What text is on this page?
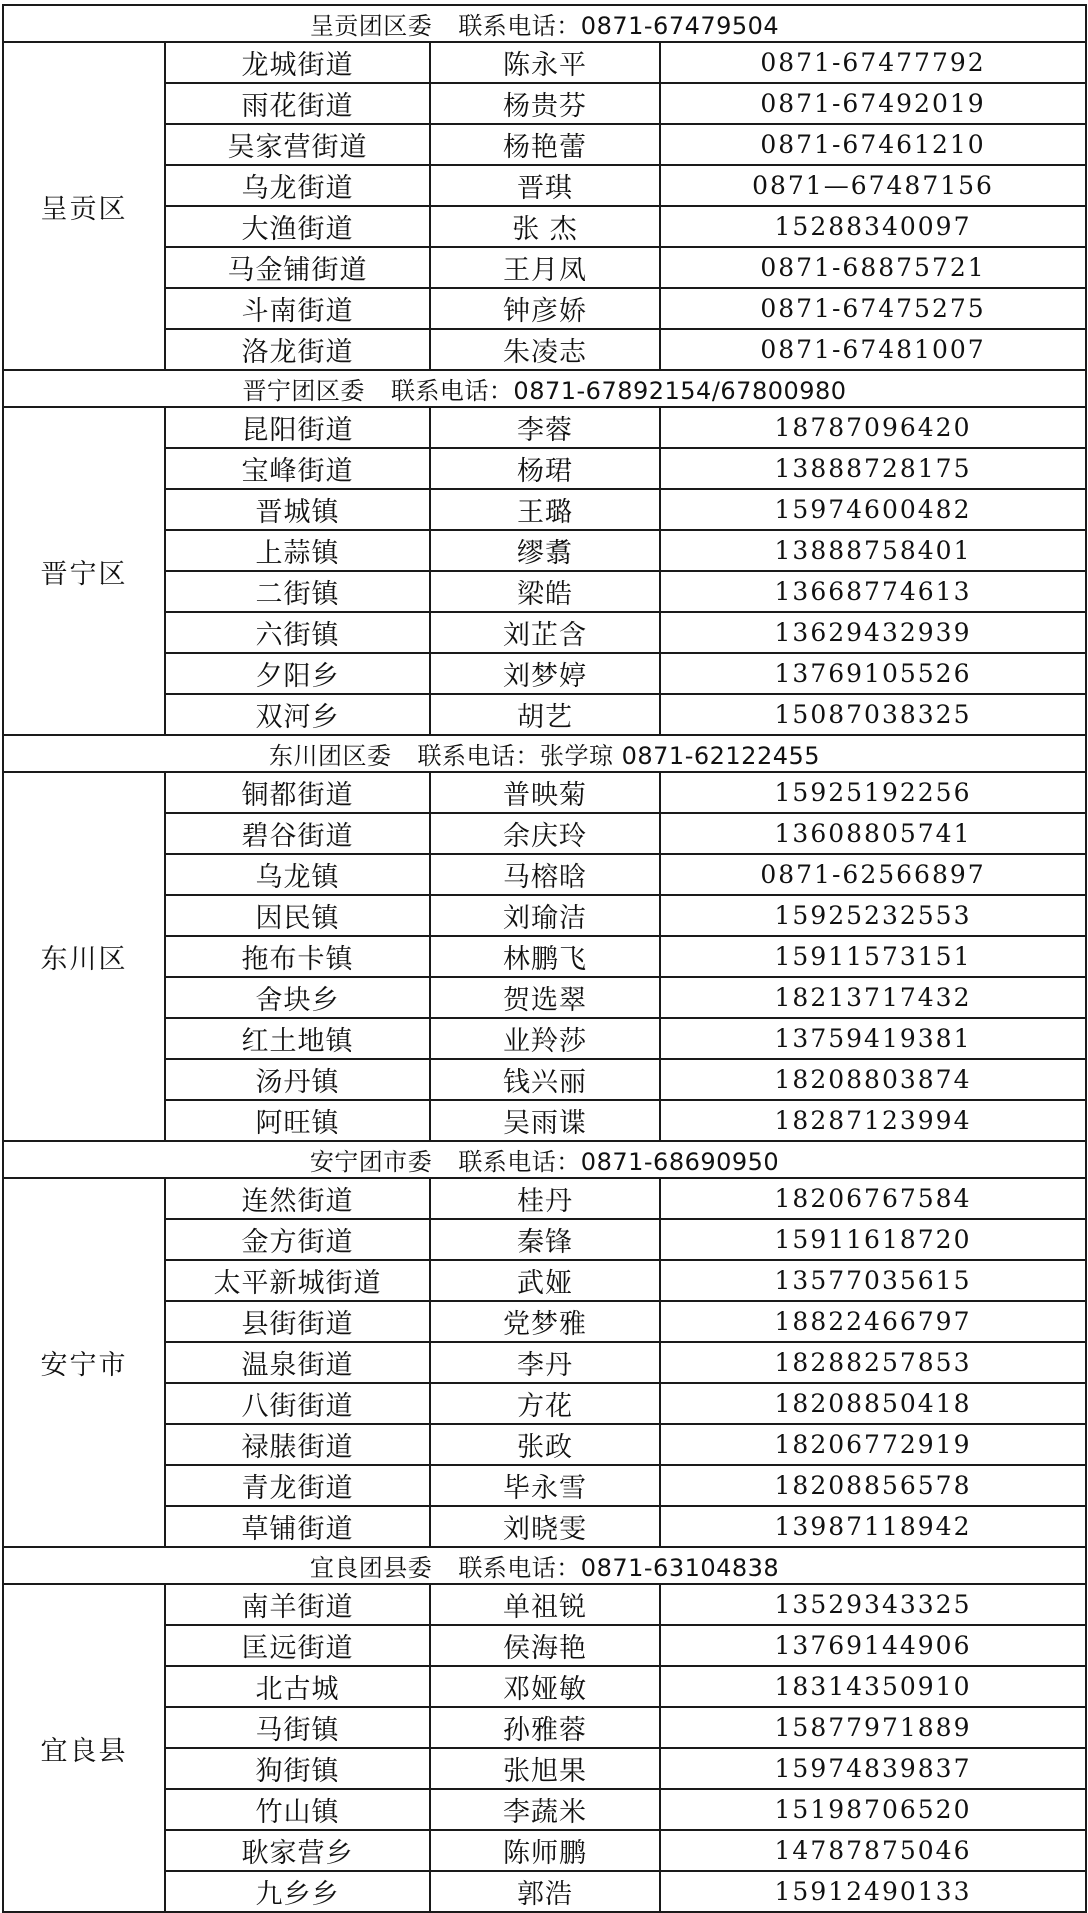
呈贡团区委 联系电话：0871-67479504			
呈贡区	龙城街道	陈永平	0871-67477792
	雨花街道	杨贵芬	0871-67492019
	吴家营街道	杨艳蕾	0871-67461210
	乌龙街道	晋琪	0871—67487156
	大渔街道	张 杰	15288340097
	马金铺街道	王月凤	0871-68875721
	斗南街道	钟彦娇	0871-67475275
	洛龙街道	朱凌志	0871-67481007
晋宁团区委 联系电话：0871-67892154/67800980			
晋宁区	昆阳街道	李蓉	18787096420
	宝峰街道	杨珺	13888728175
	晋城镇	王璐	15974600482
	上蒜镇	缪翥	13888758401
	二街镇	梁皓	13668774613
	六街镇	刘芷含	13629432939
	夕阳乡	刘梦婷	13769105526
	双河乡	胡艺	15087038325
东川团区委 联系电话：张学琼 0871-62122455			
东川区	铜都街道	普映菊	15925192256
	碧谷街道	余庆玲	13608805741
	乌龙镇	马榕晗	0871-62566897
	因民镇	刘瑜洁	15925232553
	拖布卡镇	林鹏飞	15911573151
	舍块乡	贺选翠	18213717432
	红土地镇	业羚莎	13759419381
	汤丹镇	钱兴丽	18208803874
	阿旺镇	吴雨谍	18287123994
安宁团市委 联系电话：0871-68690950			
安宁市	连然街道	桂丹	18206767584
	金方街道	秦锋	15911618720
	太平新城街道	武娅	13577035615
	县街街道	党梦雅	18822466797
	温泉街道	李丹	18288257853
	八街街道	方花	18208850418
	禄脿街道	张政	18206772919
	青龙街道	毕永雪	18208856578
	草铺街道	刘晓雯	13987118942
宜良团县委 联系电话：0871-63104838			
宜良县	南羊街道	单祖锐	13529343325
	匡远街道	侯海艳	13769144906
	北古城	邓娅敏	18314350910
	马街镇	孙雅蓉	15877971889
	狗街镇	张旭果	15974839837
	竹山镇	李蔬米	15198706520
	耿家营乡	陈师鹏	14787875046
	九乡乡	郭浩	15912490133
